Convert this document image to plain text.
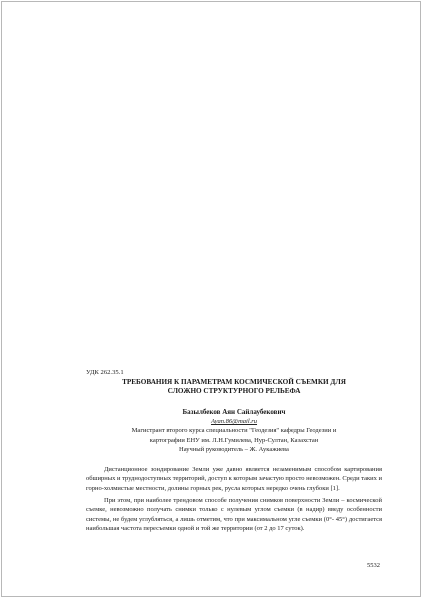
УДК 262.35.1

ТРЕБОВАНИЯ К ПАРАМЕТРАМ КОСМИЧЕСКОЙ СЪЕМКИ ДЛЯ
СЛОЖНО СТРУКТУРНОГО РЕЛЬЕФА
Базылбеков Аян Сайлаубекович
Ayan.86@mail.ru
Магистрант второго курса специальности "Геодезия" кафедры Геодезии и
картографии ЕНУ им. Л.Н.Гумилева, Нур-Султан, Казахстан
Научный руководитель – Ж. Аукажиева

Дистанционное зондирование Земли уже давно является незаменимым способом картирования обширных и труднодоступных территорий, доступ к которым зачастую просто невозможен. Среди таких и горно-холмистые местности, долины горных рек, русла которых нередко очень глубоки [1].

При этом, при наиболее трендовом способе получения снимков поверхности Земли – космической съемке, невозможно получать снимки только с нулевым углом съемки (в надир) введу особенности системы, не будем углубляться, а лишь отметим, что при максимальном угле съемки (0°- 45°) достигается наибольшая частота пересъемки одной и той же территории (от 2 до 17 суток).

5532
